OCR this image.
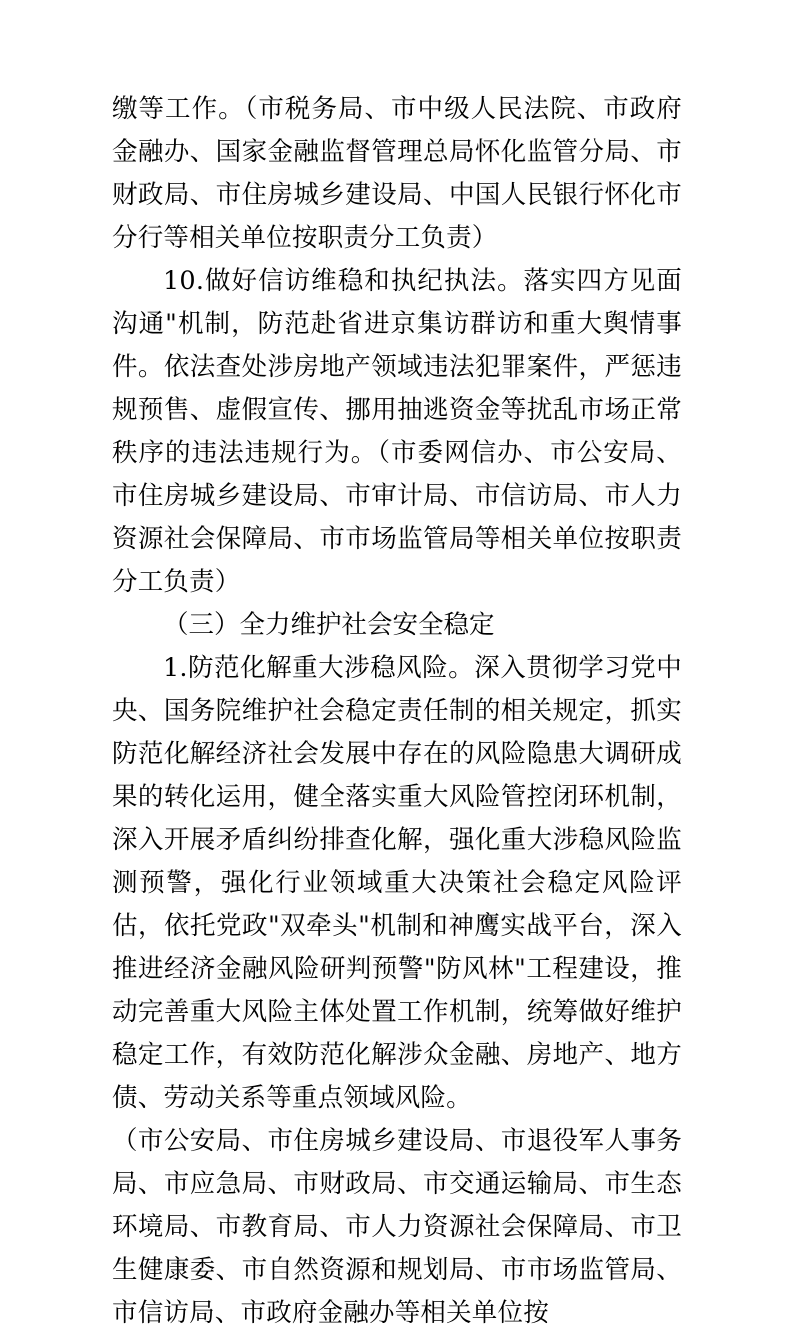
缴等工作。（市税务局、市中级人民法院、市政府金融办、国家金融监督管理总局怀化监管分局、市财政局、市住房城乡建设局、中国人民银行怀化市分行等相关单位按职责分工负责）

10.做好信访维稳和执纪执法。落实四方见面沟通"机制，防范赴省进京集访群访和重大舆情事件。依法查处涉房地产领域违法犯罪案件，严惩违规预售、虚假宣传、挪用抽逃资金等扰乱市场正常秩序的违法违规行为。（市委网信办、市公安局、市住房城乡建设局、市审计局、市信访局、市人力资源社会保障局、市市场监管局等相关单位按职责分工负责）

（三）全力维护社会安全稳定

1.防范化解重大涉稳风险。深入贯彻学习党中央、国务院维护社会稳定责任制的相关规定，抓实防范化解经济社会发展中存在的风险隐患大调研成果的转化运用，健全落实重大风险管控闭环机制，深入开展矛盾纠纷排查化解，强化重大涉稳风险监测预警，强化行业领域重大决策社会稳定风险评估，依托党政"双牵头"机制和神鹰实战平台，深入推进经济金融风险研判预警"防风林"工程建设，推动完善重大风险主体处置工作机制，统筹做好维护稳定工作，有效防范化解涉众金融、房地产、地方债、劳动关系等重点领域风险。

（市公安局、市住房城乡建设局、市退役军人事务局、市应急局、市财政局、市交通运输局、市生态环境局、市教育局、市人力资源社会保障局、市卫生健康委、市自然资源和规划局、市市场监管局、市信访局、市政府金融办等相关单位按
